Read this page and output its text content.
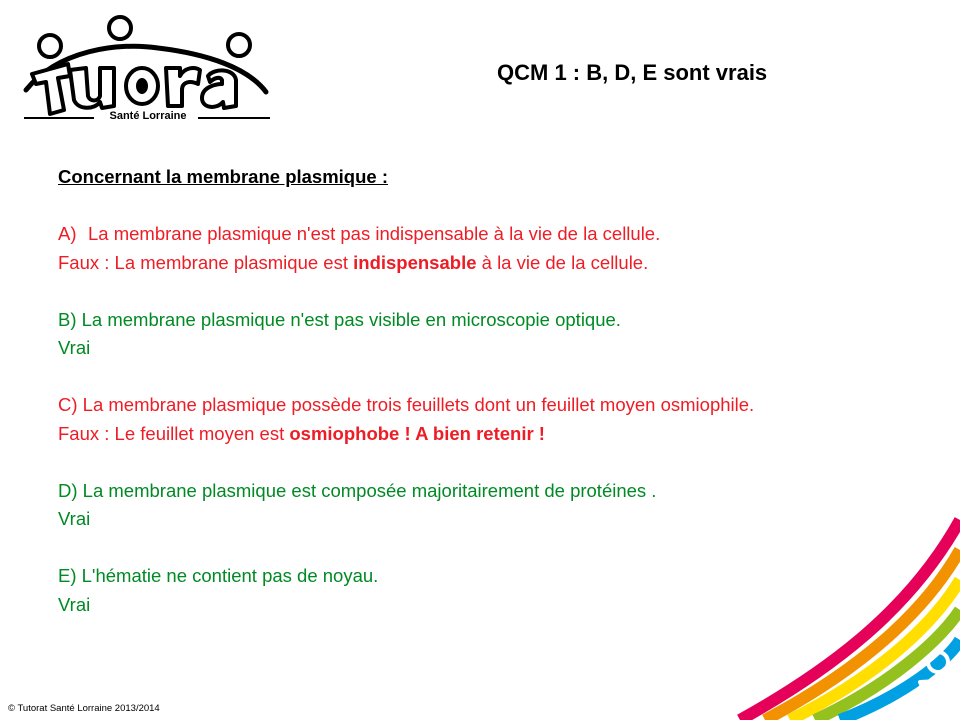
Santé Lorraine
QCM 1 : B, D, E sont vrais
Concernant la membrane plasmique :
A) La membrane plasmique n'est pas indispensable à la vie de la cellule.
Faux : La membrane plasmique est indispensable à la vie de la cellule.
B) La membrane plasmique n'est pas visible en microscopie optique.
Vrai
C) La membrane plasmique possède trois feuillets dont un feuillet moyen osmiophile.
Faux : Le feuillet moyen est osmiophobe ! A bien retenir !
D) La membrane plasmique est composée majoritairement de protéines .
Vrai
E) L'hématie ne contient pas de noyau.
Vrai
© Tutorat Santé Lorraine 2013/2014
